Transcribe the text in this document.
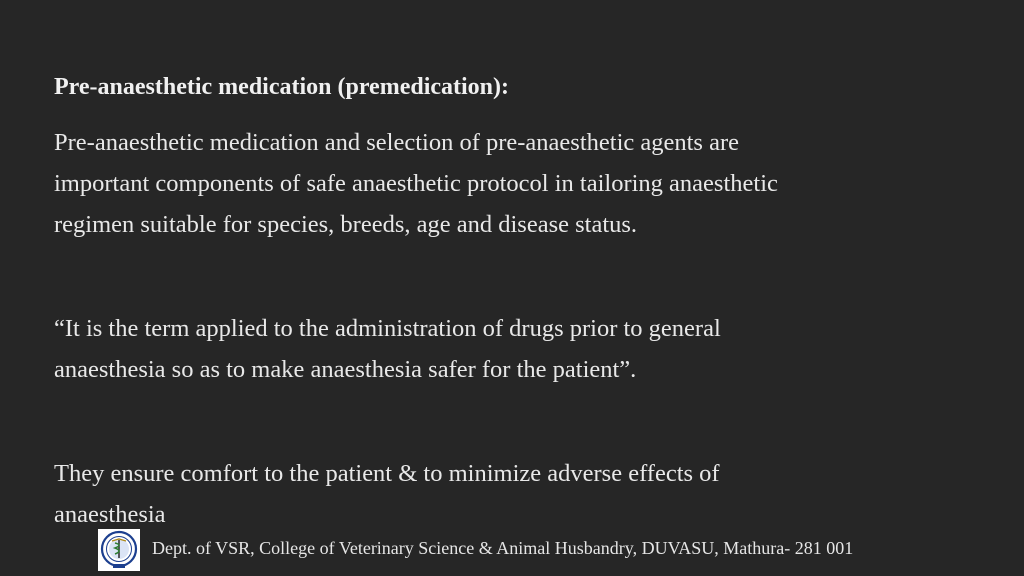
Pre-anaesthetic medication (premedication):
Pre-anaesthetic medication and selection of pre-anaesthetic agents are
important components of safe anaesthetic protocol in tailoring anaesthetic
regimen suitable for species, breeds, age and disease status.
“It is the term applied to the administration of drugs prior to general
anaesthesia so as to make anaesthesia safer for the patient”.
They ensure comfort to the patient & to minimize adverse effects of
anaesthesia
Dept. of VSR, College of Veterinary Science & Animal Husbandry, DUVASU, Mathura- 281 001
